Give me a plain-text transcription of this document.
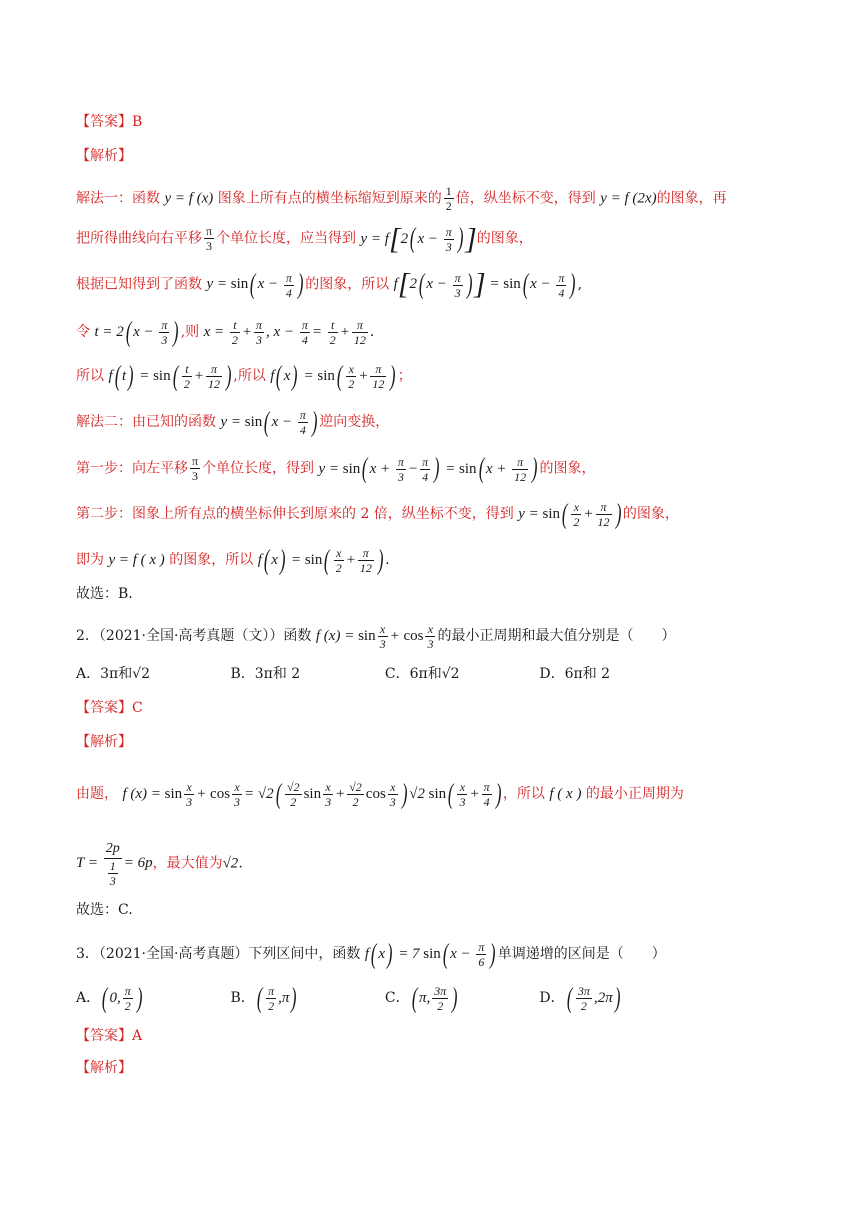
【答案】B
【解析】
解法一：函数 y = f (x) 图象上所有点的横坐标缩短到原来的 $\frac{1}{2}$ 倍，纵坐标不变，得到 y = f (2x)的图象，再
把所得曲线向右平移 $\frac{\pi}{3}$ 个单位长度，应当得到 y = f[2( $x - \frac{\pi}{3}$ )]的图象，
根据已知得到了函数 y = sin( $x - \frac{\pi}{4}$ ) 的图象，所以 f[2( $x - \frac{\pi}{3}$ )] = sin( $x - \frac{\pi}{4}$ ) ,
令 t = 2( $x - \frac{\pi}{3}$ ) ,则 $x = \frac{t}{2} + \frac{\pi}{3}$ , $x - \frac{\pi}{4} = \frac{t}{2} + \frac{\pi}{12}$ .
所以 f( $t) = \sin( \frac{t}{2} + \frac{\pi}{12}$ ) ,所以 f( $x) = \sin( \frac{x}{2} + \frac{\pi}{12}$ ) ；
解法二：由已知的函数 y = sin( $x - \frac{\pi}{4}$ ) 逆向变换，
第一步：向左平移 $\frac{\pi}{3}$ 个单位长度，得到 y = sin( $x + \frac{\pi}{3} - \frac{\pi}{4}$ ) = sin( $x + \frac{\pi}{12}$ ) 的图象，
第二步：图象上所有点的横坐标伸长到原来的 2 倍，纵坐标不变，得到 $y = \sin( \frac{x}{2} + \frac{\pi}{12}$ ) 的图象，
即为 y = f ( x ) 的图象，所以 f( $x) = \sin( \frac{x}{2} + \frac{\pi}{12}$ ) .
故选：B.
2．（2021·全国·高考真题（文））函数 f $(x) = \sin \frac{x}{3} + \cos \frac{x}{3}$ 的最小正周期和最大值分别是（　　）
A．3π和√2	B．3π和 2	C．6π和√2	D．6π和 2
【答案】C
【解析】
由题， f $(x) = \sin \frac{x}{3} + \cos \frac{x}{3} = √2( \frac{√2}{2}$ $\sin \frac{x}{3} + \frac{√2}{2}$ $\cos \frac{x}{3}$ ) √2 $\sin( \frac{x}{3} + \frac{\pi}{4}$ ) ，所以 f ( x ) 的最小正周期为
$T = \frac{2p}{\frac{1}{3}} = 6p$，最大值为√2.
故选：C.
3．（2021·全国·高考真题）下列区间中，函数 f( x) = 7 sin( $x - \frac{\pi}{6}$ ) 单调递增的区间是（　　）
A．( 0, $\frac{\pi}{2}$ )	B．( $\frac{\pi}{2} ,\pi$)	C．( π, $\frac{3\pi}{2}$ )	D．( $\frac{3\pi}{2} ,2\pi$)
【答案】A
【解析】
